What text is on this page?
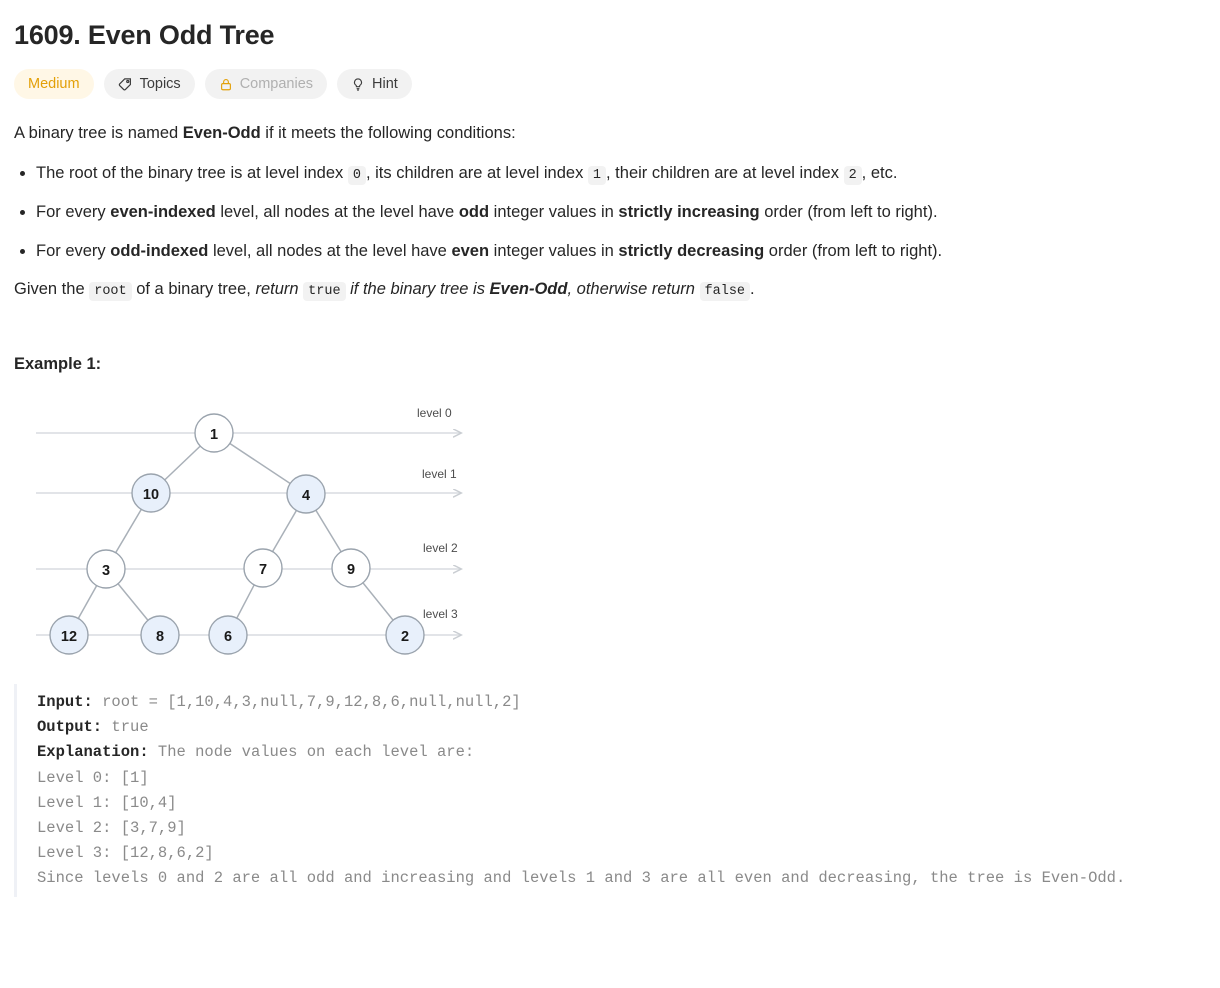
1609. Even Odd Tree
Medium	Topics	Companies	Hint

A binary tree is named Even-Odd if it meets the following conditions:

• The root of the binary tree is at level index 0 , its children are at level index 1 , their children are at level index 2 , etc.
• For every even-indexed level, all nodes at the level have odd integer values in strictly increasing order (from left to right).
• For every odd-indexed level, all nodes at the level have even integer values in strictly decreasing order (from left to right).

Given the root of a binary tree, return true if the binary tree is Even-Odd, otherwise return false .

Example 1:
1
10	4
3	7	9
12	8	6	2
level 0
level 1
level 2
level 3
Input: root = [1,10,4,3,null,7,9,12,8,6,null,null,2]
Output: true
Explanation: The node values on each level are:
Level 0: [1]
Level 1: [10,4]
Level 2: [3,7,9]
Level 3: [12,8,6,2]
Since levels 0 and 2 are all odd and increasing and levels 1 and 3 are all even and decreasing, the tree is Even-Odd.
